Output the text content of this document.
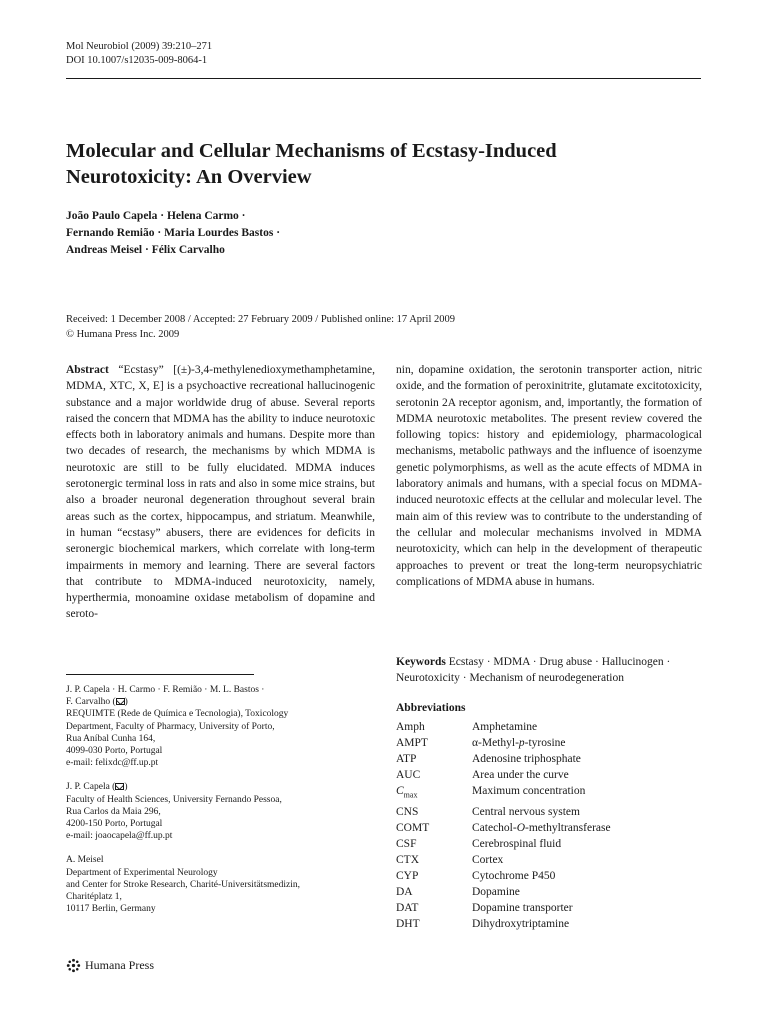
Mol Neurobiol (2009) 39:210–271
DOI 10.1007/s12035-009-8064-1
Molecular and Cellular Mechanisms of Ecstasy-Induced
Neurotoxicity: An Overview
João Paulo Capela · Helena Carmo ·
Fernando Remião · Maria Lourdes Bastos ·
Andreas Meisel · Félix Carvalho
Received: 1 December 2008 / Accepted: 27 February 2009 / Published online: 17 April 2009
© Humana Press Inc. 2009
Abstract “Ecstasy” [(±)-3,4-methylenedioxymethamphetamine, MDMA, XTC, X, E] is a psychoactive recreational hallucinogenic substance and a major worldwide drug of abuse. Several reports raised the concern that MDMA has the ability to induce neurotoxic effects both in laboratory animals and humans. Despite more than two decades of research, the mechanisms by which MDMA is neurotoxic are still to be fully elucidated. MDMA induces serotonergic terminal loss in rats and also in some mice strains, but also a broader neuronal degeneration throughout several brain areas such as the cortex, hippocampus, and striatum. Meanwhile, in human “ecstasy” abusers, there are evidences for deficits in seronergic biochemical markers, which correlate with long-term impairments in memory and learning. There are several factors that contribute to MDMA-induced neurotoxicity, namely, hyperthermia, monoamine oxidase metabolism of dopamine and seroto-
nin, dopamine oxidation, the serotonin transporter action, nitric oxide, and the formation of peroxinitrite, glutamate excitotoxicity, serotonin 2A receptor agonism, and, importantly, the formation of MDMA neurotoxic metabolites. The present review covered the following topics: history and epidemiology, pharmacological mechanisms, metabolic pathways and the influence of isoenzyme genetic polymorphisms, as well as the acute effects of MDMA in laboratory animals and humans, with a special focus on MDMA-induced neurotoxic effects at the cellular and molecular level. The main aim of this review was to contribute to the understanding of the cellular and molecular mechanisms involved in MDMA neurotoxicity, which can help in the development of therapeutic approaches to prevent or treat the long-term neuropsychiatric complications of MDMA abuse in humans.
Keywords Ecstasy · MDMA · Drug abuse · Hallucinogen ·
Neurotoxicity · Mechanism of neurodegeneration
Abbreviations
Amph	Amphetamine
AMPT	α-Methyl-p-tyrosine
ATP	Adenosine triphosphate
AUC	Area under the curve
$C_{max}$	Maximum concentration
CNS	Central nervous system
COMT	Catechol-O-methyltransferase
CSF	Cerebrospinal fluid
CTX	Cortex
CYP	Cytochrome P450
DA	Dopamine
DAT	Dopamine transporter
DHT	Dihydroxytriptamine
J. P. Capela · H. Carmo · F. Remião · M. L. Bastos ·
F. Carvalho ( )
REQUIMTE (Rede de Química e Tecnologia), Toxicology
Department, Faculty of Pharmacy, University of Porto,
Rua Aníbal Cunha 164,
4099-030 Porto, Portugal
e-mail: felixdc@ff.up.pt
J. P. Capela ( )
Faculty of Health Sciences, University Fernando Pessoa,
Rua Carlos da Maia 296,
4200-150 Porto, Portugal
e-mail: joaocapela@ff.up.pt
A. Meisel
Department of Experimental Neurology
and Center for Stroke Research, Charité-Universitätsmedizin,
Charitéplatz 1,
10117 Berlin, Germany
Humana Press
